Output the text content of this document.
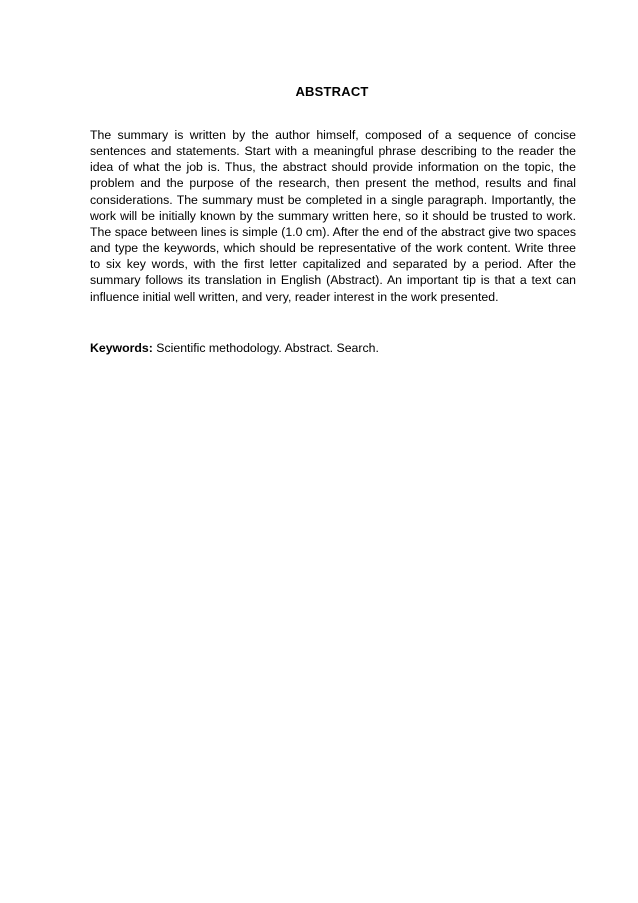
ABSTRACT

The summary is written by the author himself, composed of a sequence of concise sentences and statements. Start with a meaningful phrase describing to the reader the idea of what the job is. Thus, the abstract should provide information on the topic, the problem and the purpose of the research, then present the method, results and final considerations. The summary must be completed in a single paragraph. Importantly, the work will be initially known by the summary written here, so it should be trusted to work. The space between lines is simple (1.0 cm). After the end of the abstract give two spaces and type the keywords, which should be representative of the work content. Write three to six key words, with the first letter capitalized and separated by a period. After the summary follows its translation in English (Abstract). An important tip is that a text can influence initial well written, and very, reader interest in the work presented.

Keywords: Scientific methodology. Abstract. Search.
